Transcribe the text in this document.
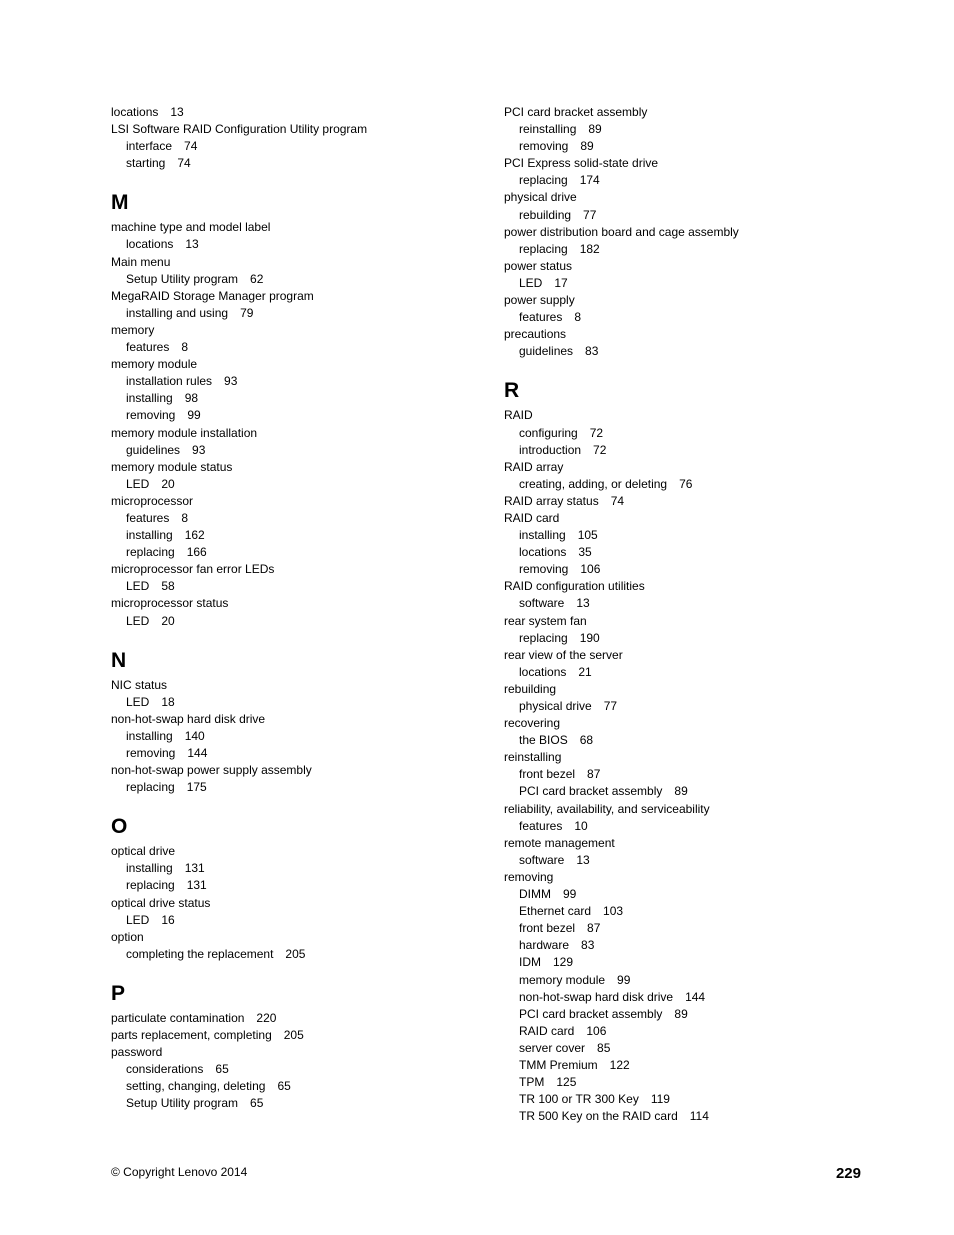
locations 13
LSI Software RAID Configuration Utility program
interface 74
starting 74
M
machine type and model label
locations 13
Main menu
Setup Utility program 62
MegaRAID Storage Manager program
installing and using 79
memory
features 8
memory module
installation rules 93
installing 98
removing 99
memory module installation
guidelines 93
memory module status
LED 20
microprocessor
features 8
installing 162
replacing 166
microprocessor fan error LEDs
LED 58
microprocessor status
LED 20
N
NIC status
LED 18
non-hot-swap hard disk drive
installing 140
removing 144
non-hot-swap power supply assembly
replacing 175
O
optical drive
installing 131
replacing 131
optical drive status
LED 16
option
completing the replacement 205
P
particulate contamination 220
parts replacement, completing 205
password
considerations 65
setting, changing, deleting 65
Setup Utility program 65
PCI card bracket assembly
reinstalling 89
removing 89
PCI Express solid-state drive
replacing 174
physical drive
rebuilding 77
power distribution board and cage assembly
replacing 182
power status
LED 17
power supply
features 8
precautions
guidelines 83
R
RAID
configuring 72
introduction 72
RAID array
creating, adding, or deleting 76
RAID array status 74
RAID card
installing 105
locations 35
removing 106
RAID configuration utilities
software 13
rear system fan
replacing 190
rear view of the server
locations 21
rebuilding
physical drive 77
recovering
the BIOS 68
reinstalling
front bezel 87
PCI card bracket assembly 89
reliability, availability, and serviceability
features 10
remote management
software 13
removing
DIMM 99
Ethernet card 103
front bezel 87
hardware 83
IDM 129
memory module 99
non-hot-swap hard disk drive 144
PCI card bracket assembly 89
RAID card 106
server cover 85
TMM Premium 122
TPM 125
TR 100 or TR 300 Key 119
TR 500 Key on the RAID card 114
© Copyright Lenovo 2014	229
